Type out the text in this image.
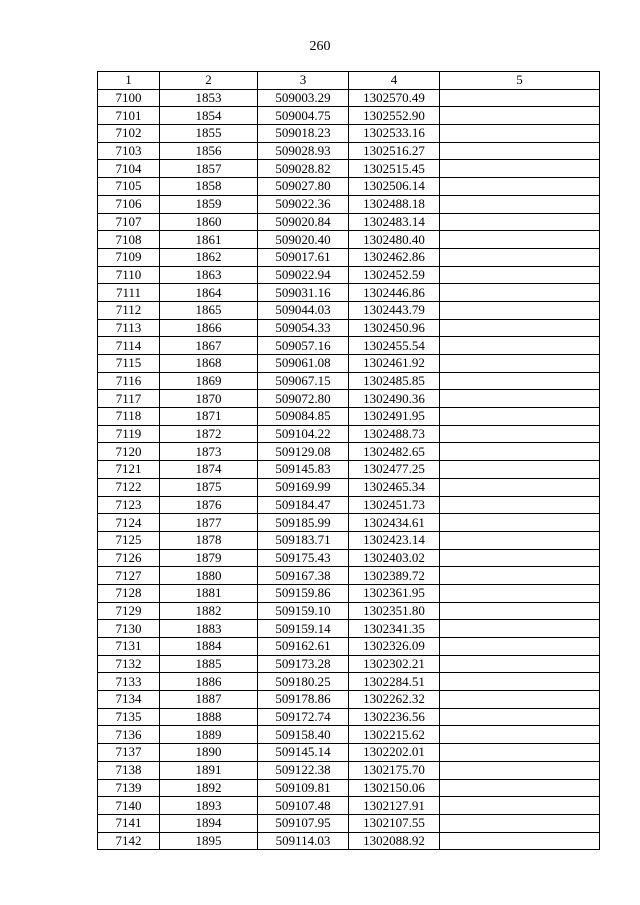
260
1	2	3	4	5
7100	1853	509003.29	1302570.49	
7101	1854	509004.75	1302552.90	
7102	1855	509018.23	1302533.16	
7103	1856	509028.93	1302516.27	
7104	1857	509028.82	1302515.45	
7105	1858	509027.80	1302506.14	
7106	1859	509022.36	1302488.18	
7107	1860	509020.84	1302483.14	
7108	1861	509020.40	1302480.40	
7109	1862	509017.61	1302462.86	
7110	1863	509022.94	1302452.59	
7111	1864	509031.16	1302446.86	
7112	1865	509044.03	1302443.79	
7113	1866	509054.33	1302450.96	
7114	1867	509057.16	1302455.54	
7115	1868	509061.08	1302461.92	
7116	1869	509067.15	1302485.85	
7117	1870	509072.80	1302490.36	
7118	1871	509084.85	1302491.95	
7119	1872	509104.22	1302488.73	
7120	1873	509129.08	1302482.65	
7121	1874	509145.83	1302477.25	
7122	1875	509169.99	1302465.34	
7123	1876	509184.47	1302451.73	
7124	1877	509185.99	1302434.61	
7125	1878	509183.71	1302423.14	
7126	1879	509175.43	1302403.02	
7127	1880	509167.38	1302389.72	
7128	1881	509159.86	1302361.95	
7129	1882	509159.10	1302351.80	
7130	1883	509159.14	1302341.35	
7131	1884	509162.61	1302326.09	
7132	1885	509173.28	1302302.21	
7133	1886	509180.25	1302284.51	
7134	1887	509178.86	1302262.32	
7135	1888	509172.74	1302236.56	
7136	1889	509158.40	1302215.62	
7137	1890	509145.14	1302202.01	
7138	1891	509122.38	1302175.70	
7139	1892	509109.81	1302150.06	
7140	1893	509107.48	1302127.91	
7141	1894	509107.95	1302107.55	
7142	1895	509114.03	1302088.92	
